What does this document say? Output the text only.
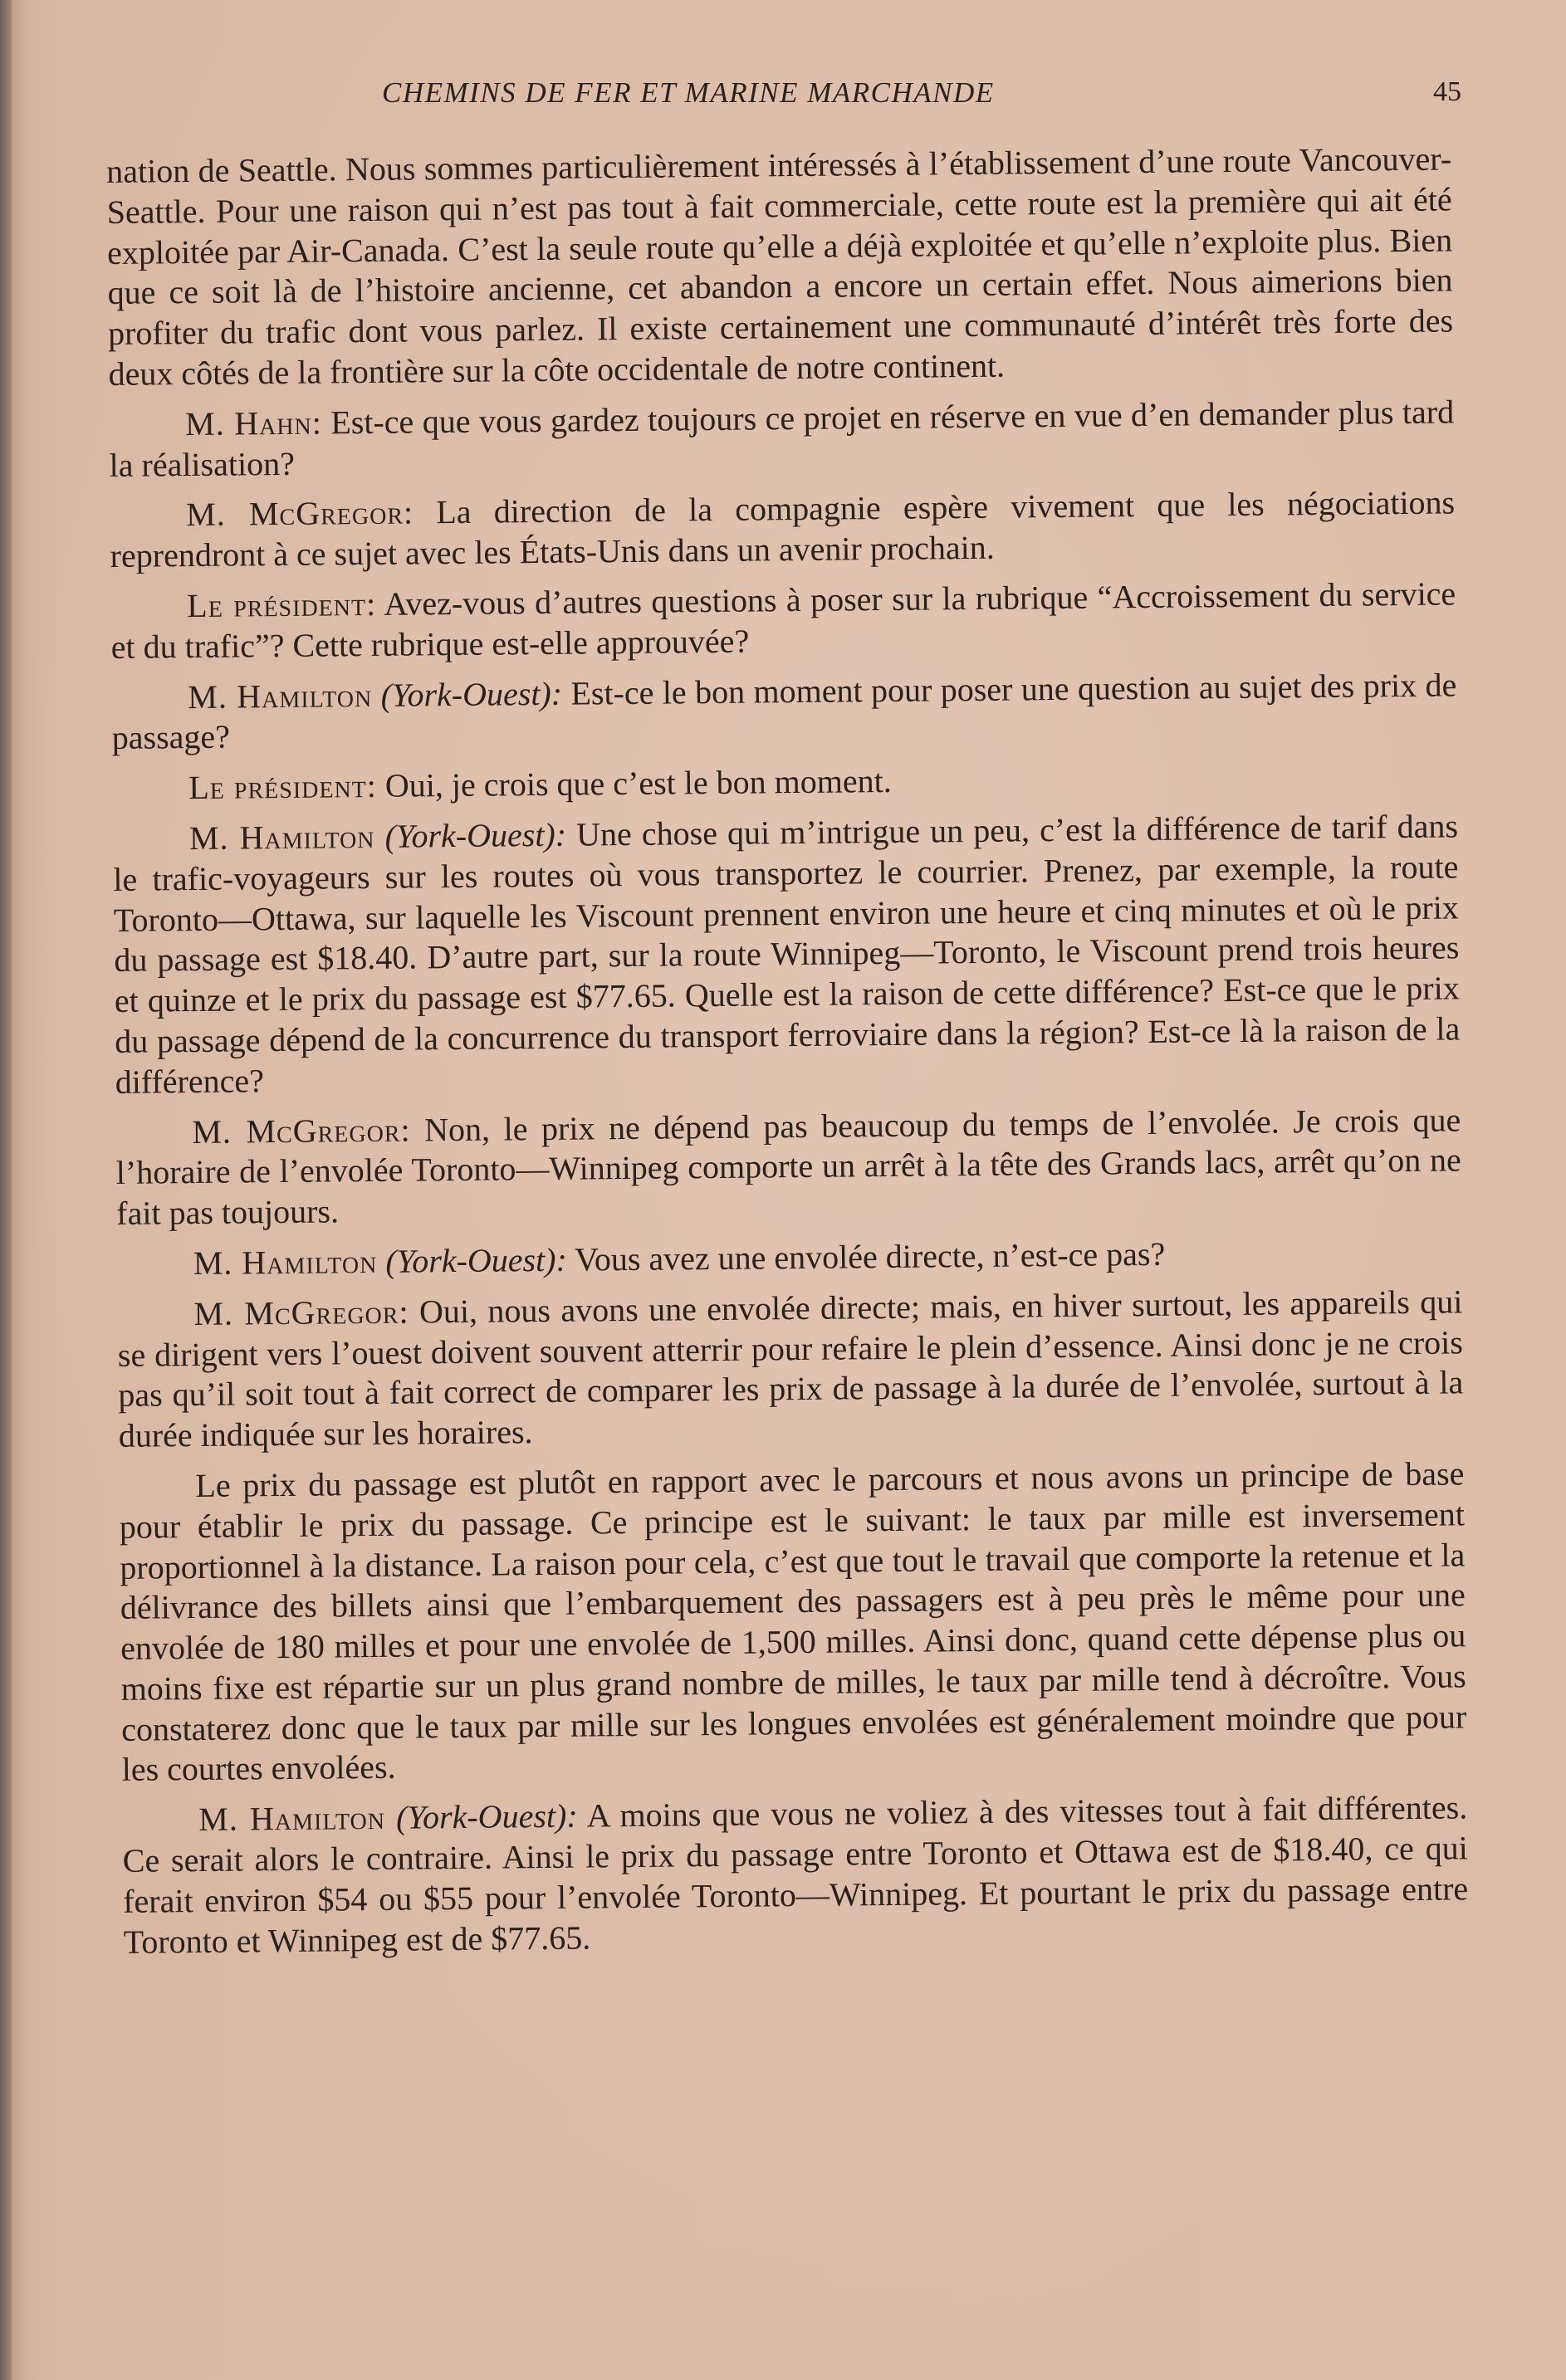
CHEMINS DE FER ET MARINE MARCHANDE	45

nation de Seattle. Nous sommes particulièrement intéressés à l’établissement d’une route Vancouver-Seattle. Pour une raison qui n’est pas tout à fait commerciale, cette route est la première qui ait été exploitée par Air-Canada. C’est la seule route qu’elle a déjà exploitée et qu’elle n’exploite plus. Bien que ce soit là de l’histoire ancienne, cet abandon a encore un certain effet. Nous aimerions bien profiter du trafic dont vous parlez. Il existe certainement une communauté d’intérêt très forte des deux côtés de la frontière sur la côte occidentale de notre continent.

M. Hahn: Est-ce que vous gardez toujours ce projet en réserve en vue d’en demander plus tard la réalisation?

M. McGregor: La direction de la compagnie espère vivement que les négociations reprendront à ce sujet avec les États-Unis dans un avenir prochain.

Le président: Avez-vous d’autres questions à poser sur la rubrique “Accroissement du service et du trafic”? Cette rubrique est-elle approuvée?

M. Hamilton (York-Ouest): Est-ce le bon moment pour poser une question au sujet des prix de passage?

Le président: Oui, je crois que c’est le bon moment.

M. Hamilton (York-Ouest): Une chose qui m’intrigue un peu, c’est la différence de tarif dans le trafic-voyageurs sur les routes où vous transportez le courrier. Prenez, par exemple, la route Toronto—Ottawa, sur laquelle les Viscount prennent environ une heure et cinq minutes et où le prix du passage est $18.40. D’autre part, sur la route Winnipeg—Toronto, le Viscount prend trois heures et quinze et le prix du passage est $77.65. Quelle est la raison de cette différence? Est-ce que le prix du passage dépend de la concurrence du transport ferroviaire dans la région? Est-ce là la raison de la différence?

M. McGregor: Non, le prix ne dépend pas beaucoup du temps de l’envolée. Je crois que l’horaire de l’envolée Toronto—Winnipeg comporte un arrêt à la tête des Grands lacs, arrêt qu’on ne fait pas toujours.

M. Hamilton (York-Ouest): Vous avez une envolée directe, n’est-ce pas?

M. McGregor: Oui, nous avons une envolée directe; mais, en hiver surtout, les appareils qui se dirigent vers l’ouest doivent souvent atterrir pour refaire le plein d’essence. Ainsi donc je ne crois pas qu’il soit tout à fait correct de comparer les prix de passage à la durée de l’envolée, surtout à la durée indiquée sur les horaires.

Le prix du passage est plutôt en rapport avec le parcours et nous avons un principe de base pour établir le prix du passage. Ce principe est le suivant: le taux par mille est inversement proportionnel à la distance. La raison pour cela, c’est que tout le travail que comporte la retenue et la délivrance des billets ainsi que l’embarquement des passagers est à peu près le même pour une envolée de 180 milles et pour une envolée de 1,500 milles. Ainsi donc, quand cette dépense plus ou moins fixe est répartie sur un plus grand nombre de milles, le taux par mille tend à décroître. Vous constaterez donc que le taux par mille sur les longues envolées est généralement moindre que pour les courtes envolées.

M. Hamilton (York-Ouest): A moins que vous ne voliez à des vitesses tout à fait différentes. Ce serait alors le contraire. Ainsi le prix du passage entre Toronto et Ottawa est de $18.40, ce qui ferait environ $54 ou $55 pour l’envolée Toronto—Winnipeg. Et pourtant le prix du passage entre Toronto et Winnipeg est de $77.65.
